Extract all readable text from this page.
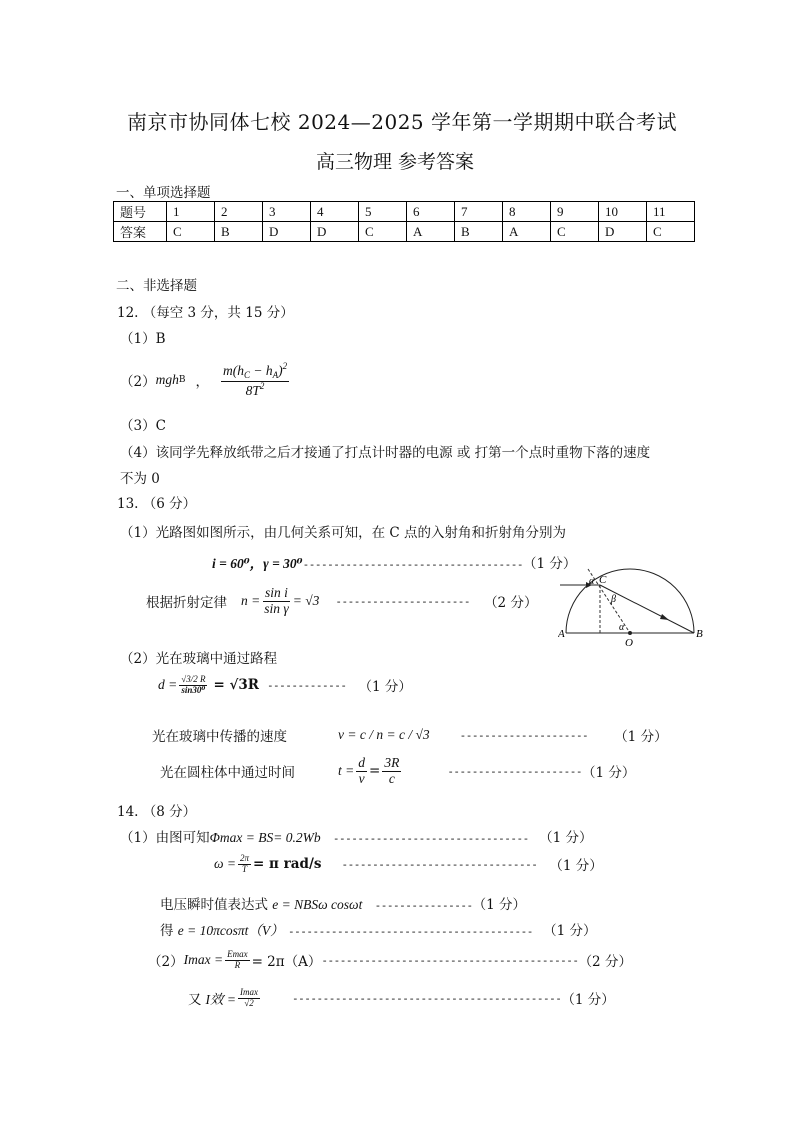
南京市协同体七校 2024—2025 学年第一学期期中联合考试
高三物理 参考答案
一、单项选择题
题号	1	2	3	4	5	6	7	8	9	10	11
答案	C	B	D	D	C	A	B	A	C	D	C
二、非选择题
12. （每空 3 分，共 15 分）
（1）B
（2） mgh B ， $\frac{m(h_C - h_A)^2}{8T^2}$
（3）C
（4）该同学先释放纸带之后才接通了打点计时器的电源 或 打第一个点时重物下落的速度
不为 0
13. （6 分）
（1）光路图如图所示，由几何关系可知，在 C 点的入射角和折射角分别为
i = 60⁰，γ = 30⁰------------------------------------（1 分）
根据折射定律 $n = \frac{\text{sin i}}{\text{sin γ}} = √3$ ---------------------- （2 分）
A	B
C
O
α
α
β
（2）光在玻璃中通过路程
$d = \frac{√3/2 R}{\text{sin30⁰}} = √3R$ ------------- （1 分）
光在玻璃中传播的速度	v = c / n = c / √3	--------------------- （1 分）
光在圆柱体中通过时间	$t = \frac{d}{v} = \frac{3R}{c}$	---------------------- （1 分）
14. （8 分）
（1）由图可知Φmax = BS= 0.2Wb -------------------------------- （1 分）
$\omega = \frac{2\pi}{T} = \pi$ rad/s -------------------------------- （1 分）
电压瞬时值表达式 e = NBSω cosωt ----------------（1 分）
得 e = 10πcosπt（V） ---------------------------------------- （1 分）
（2） $Imax = \frac{Emax}{R} = 2\pi(A)$ ------------------------------------------ （2 分）
又 I效 = $\frac{Imax}{√2}$	-------------------------------------------- （1 分）
